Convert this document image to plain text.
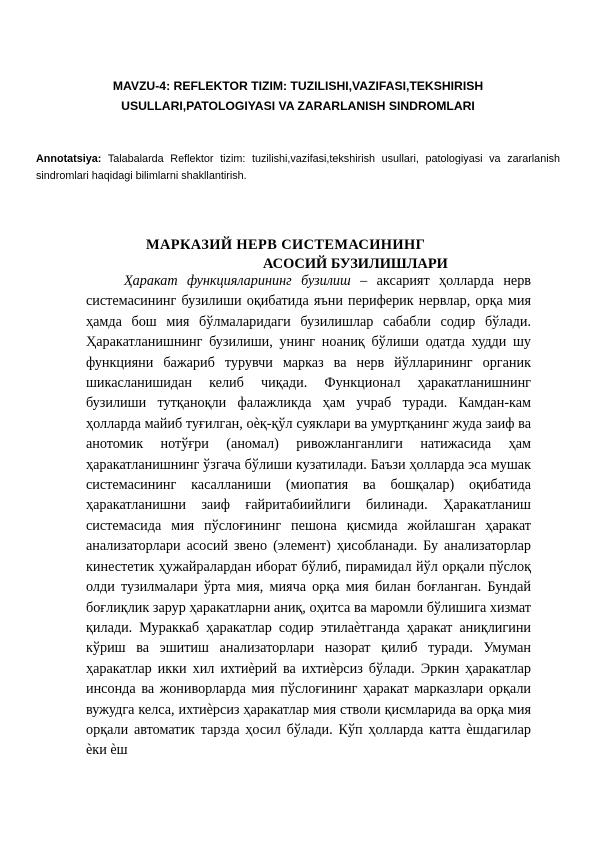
MAVZU-4: REFLEKTOR TIZIM: TUZILISHI,VAZIFASI,TEKSHIRISH USULLARI,PATOLOGIYASI VA ZARARLANISH SINDROMLARI

Annotatsiya: Talabalarda Reflektor tizim: tuzilishi,vazifasi,tekshirish usullari, patologiyasi va zararlanish sindromlari haqidagi bilimlarni shakllantirish.

МАРКАЗИЙ НЕРВ СИСТЕМАСИНИНГ
АСОСИЙ БУЗИЛИШЛАРИ

Ҳаракат функцияларининг бузилиш – аксарият ҳолларда нерв системасининг бузилиши оқибатида яъни периферик нервлар, орқа мия ҳамда бош мия бўлмаларидаги бузилишлар сабабли содир бўлади. Ҳаракатланишнинг бузилиши, унинг ноаниқ бўлиши одатда худди шу функцияни бажариб турувчи марказ ва нерв йўлларининг органик шикасланишидан келиб чиқади. Функционал ҳаракатланишнинг бузилиши тутқаноқли фалажликда ҳам учраб туради. Камдан-кам ҳолларда майиб туғилган, оѐқ-қўл суяклари ва умуртқанинг жуда заиф ва анотомик нотўғри (аномал) ривожланганлиги натижасида ҳам ҳаракатланишнинг ўзгача бўлиши кузатилади. Баъзи ҳолларда эса мушак системасининг касалланиши (миопатия ва бошқалар) оқибатида ҳаракатланишни заиф ғайритабиийлиги билинади. Ҳаракатланиш системасида мия пўслоғининг пешона қисмида жойлашган ҳаракат анализаторлари асосий звено (элемент) ҳисобланади. Бу анализаторлар кинестетик ҳужайралардан иборат бўлиб, пирамидал йўл орқали пўслоқ олди тузилмалари ўрта мия, мияча орқа мия билан боғланган. Бундай боғлиқлик зарур ҳаракатларни аниқ, оҳитса ва маромли бўлишига хизмат қилади. Мураккаб ҳаракатлар содир этилаѐтганда ҳаракат аниқлигини кўриш ва эшитиш анализаторлари назорат қилиб туради. Умуман ҳаракатлар икки хил ихтиѐрий ва ихтиѐрсиз бўлади. Эркин ҳаракатлар инсонда ва жониворларда мия пўслоғининг ҳаракат марказлари орқали вужудга келса, ихтиѐрсиз ҳаракатлар мия стволи қисмларида ва орқа мия орқали автоматик тарзда ҳосил бўлади. Кўп ҳолларда катта ѐшдагилар ѐки ѐш
